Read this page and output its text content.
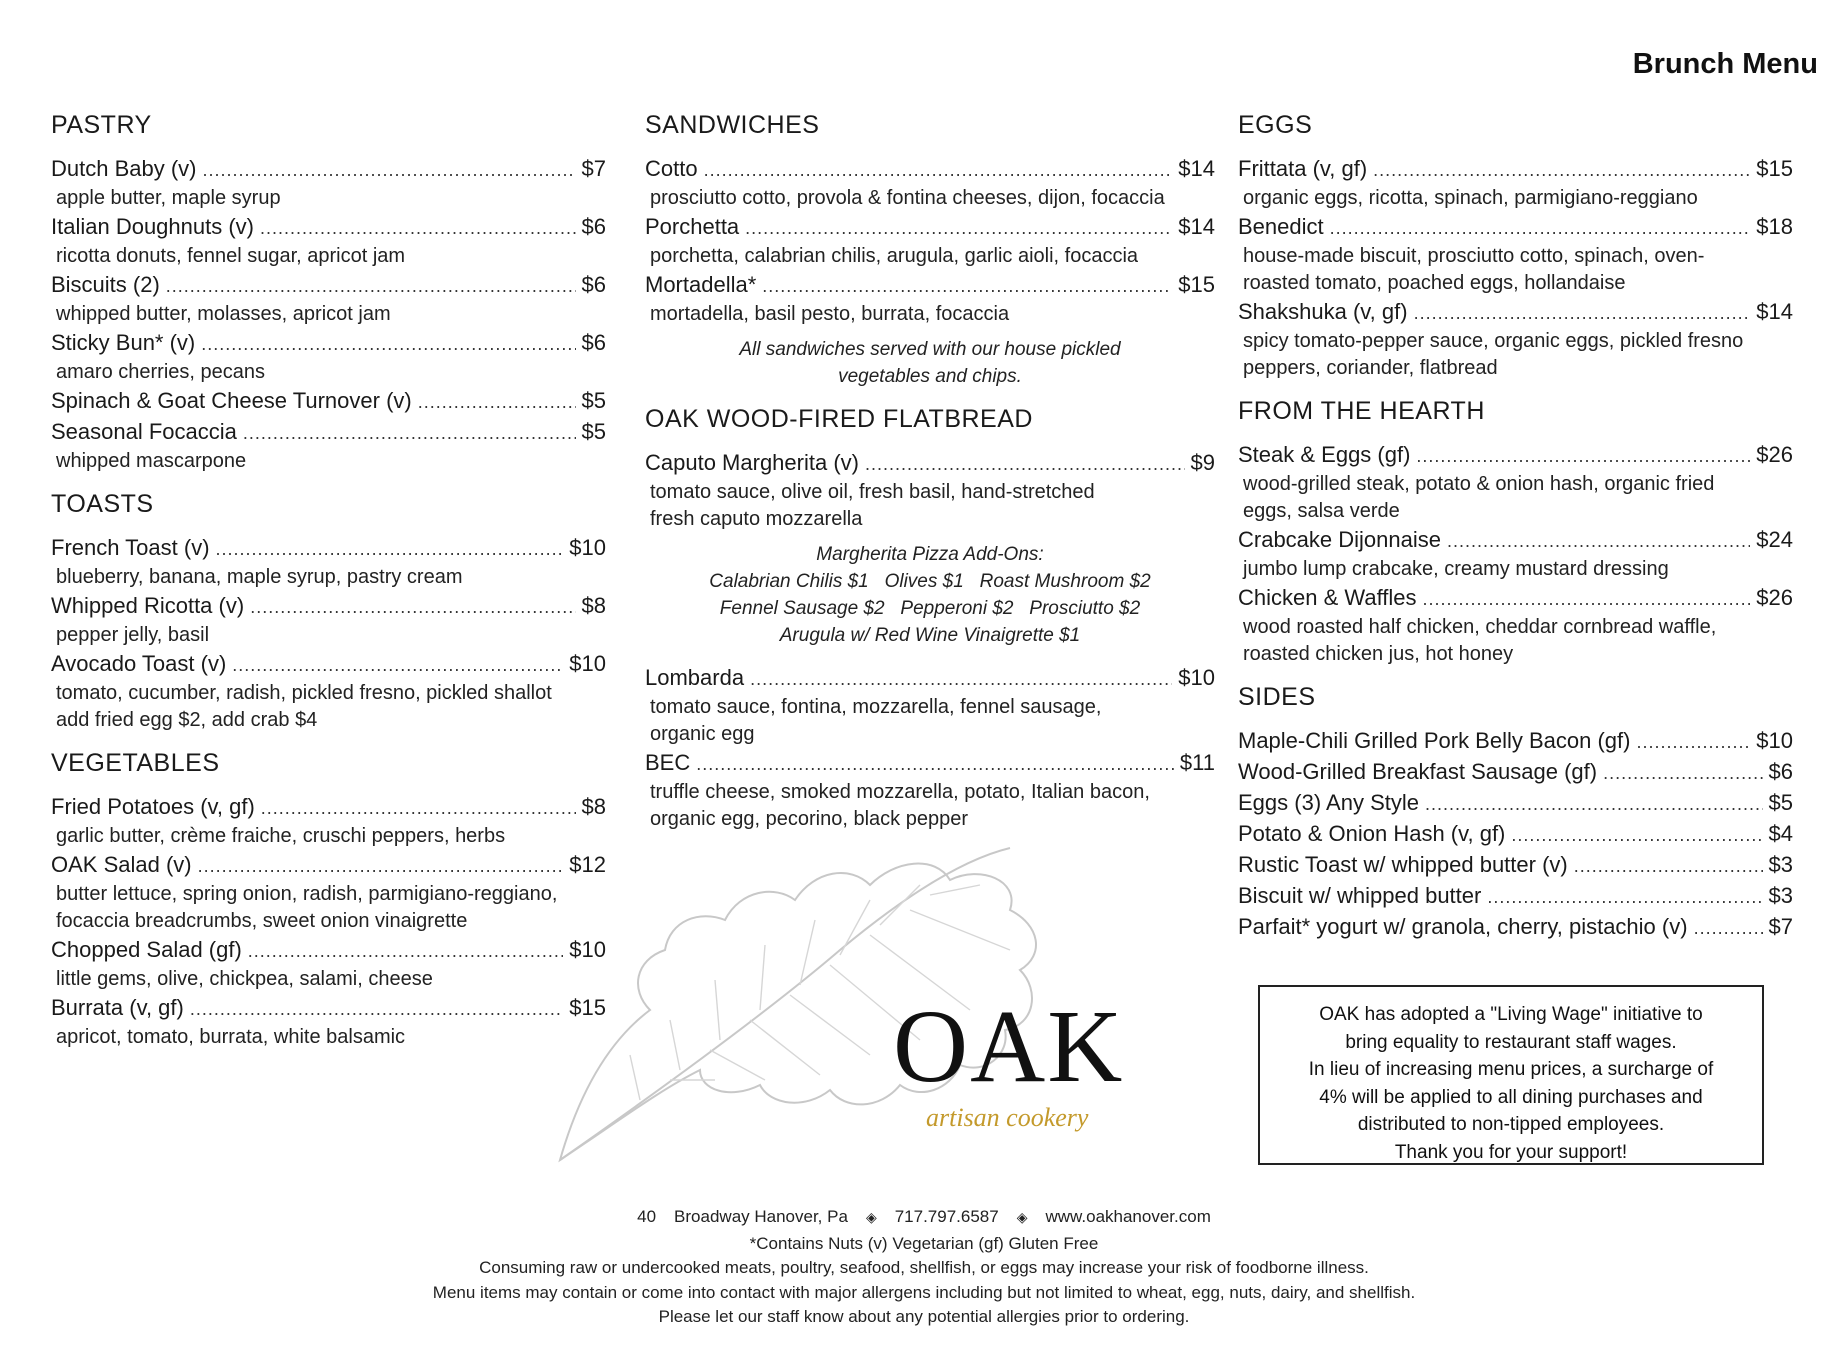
Brunch Menu
PASTRY
Dutch Baby (v) .....	$7
apple butter, maple syrup
Italian Doughnuts (v) .....	$6
ricotta donuts, fennel sugar, apricot jam
Biscuits (2) .....	$6
whipped butter, molasses, apricot jam
Sticky Bun* (v) .....	$6
amaro cherries, pecans
Spinach & Goat Cheese Turnover (v) .....	$5
Seasonal Focaccia .....	$5
whipped mascarpone
TOASTS
French Toast (v) .....	$10
blueberry, banana, maple syrup, pastry cream
Whipped Ricotta (v) .....	$8
pepper jelly, basil
Avocado Toast (v) .....	$10
tomato, cucumber, radish, pickled fresno, pickled shallot
add fried egg $2, add crab $4
VEGETABLES
Fried Potatoes (v, gf) .....	$8
garlic butter, crème fraiche, cruschi peppers, herbs
OAK Salad (v) .....	$12
butter lettuce, spring onion, radish, parmigiano-reggiano,
focaccia breadcrumbs, sweet onion vinaigrette
Chopped Salad (gf) .....	$10
little gems, olive, chickpea, salami, cheese
Burrata (v, gf) .....	$15
apricot, tomato, burrata, white balsamic
SANDWICHES
Cotto .....	$14
prosciutto cotto, provola & fontina cheeses, dijon, focaccia
Porchetta .....	$14
porchetta, calabrian chilis, arugula, garlic aioli, focaccia
Mortadella* .....	$15
mortadella, basil pesto, burrata, focaccia
All sandwiches served with our house pickled
vegetables and chips.
OAK WOOD-FIRED FLATBREAD
Caputo Margherita (v) .....	$9
tomato sauce, olive oil, fresh basil, hand-stretched
fresh caputo mozzarella
Margherita Pizza Add-Ons:
Calabrian Chilis $1   Olives $1   Roast Mushroom $2
Fennel Sausage $2   Pepperoni $2   Prosciutto $2
Arugula w/ Red Wine Vinaigrette $1
Lombarda .....	$10
tomato sauce, fontina, mozzarella, fennel sausage,
organic egg
BEC .....	$11
truffle cheese, smoked mozzarella, potato, Italian bacon,
organic egg, pecorino, black pepper
EGGS
Frittata (v, gf) .....	$15
organic eggs, ricotta, spinach, parmigiano-reggiano
Benedict .....	$18
house-made biscuit, prosciutto cotto, spinach, oven-
roasted tomato, poached eggs, hollandaise
Shakshuka (v, gf) .....	$14
spicy tomato-pepper sauce, organic eggs, pickled fresno
peppers, coriander, flatbread
FROM THE HEARTH
Steak & Eggs (gf) .....	$26
wood-grilled steak, potato & onion hash, organic fried
eggs, salsa verde
Crabcake Dijonnaise .....	$24
jumbo lump crabcake, creamy mustard dressing
Chicken & Waffles .....	$26
wood roasted half chicken, cheddar cornbread waffle,
roasted chicken jus, hot honey
SIDES
Maple-Chili Grilled Pork Belly Bacon (gf) .....	$10
Wood-Grilled Breakfast Sausage (gf) .....	$6
Eggs (3) Any Style .....	$5
Potato & Onion Hash (v, gf) .....	$4
Rustic Toast w/ whipped butter (v) .....	$3
Biscuit w/ whipped butter .....	$3
Parfait* yogurt w/ granola, cherry, pistachio (v) .....	$7
OAK
artisan cookery
OAK has adopted a "Living Wage" initiative to
bring equality to restaurant staff wages.
In lieu of increasing menu prices, a surcharge of
4% will be applied to all dining purchases and
distributed to non-tipped employees.
Thank you for your support!
40 Broadway Hanover, Pa ◈ 717.797.6587 ◈ www.oakhanover.com
*Contains Nuts (v) Vegetarian (gf) Gluten Free
Consuming raw or undercooked meats, poultry, seafood, shellfish, or eggs may increase your risk of foodborne illness.
Menu items may contain or come into contact with major allergens including but not limited to wheat, egg, nuts, dairy, and shellfish.
Please let our staff know about any potential allergies prior to ordering.
